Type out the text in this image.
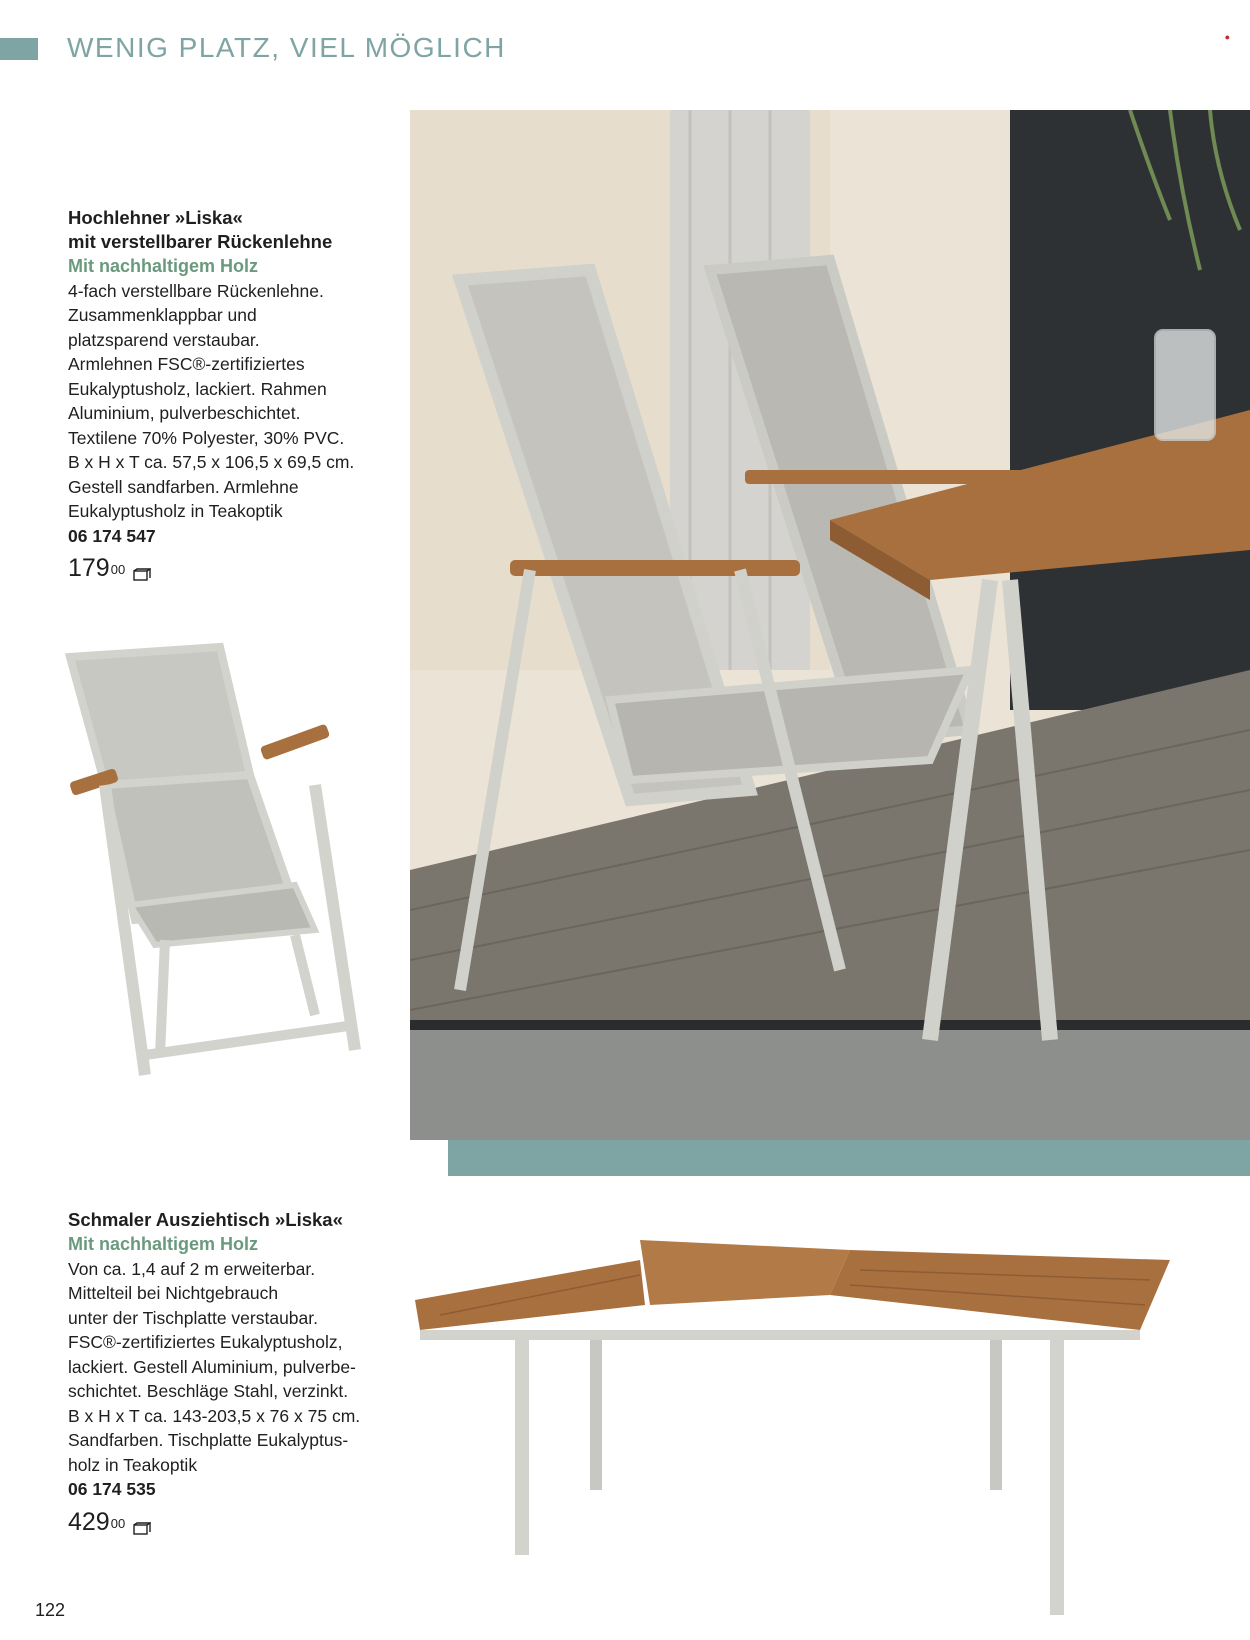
WENIG PLATZ, VIEL MÖGLICH	●
Hochlehner »Liska«
mit verstellbarer Rückenlehne
Mit nachhaltigem Holz
4-fach verstellbare Rückenlehne.
Zusammenklappbar und
platzsparend verstaubar.
Armlehnen FSC®-zertifiziertes
Eukalyptusholz, lackiert. Rahmen
Aluminium, pulverbeschichtet.
Textilene 70% Polyester, 30% PVC.
B x H x T ca. 57,5 x 106,5 x 69,5 cm.
Gestell sandfarben. Armlehne
Eukalyptusholz in Teakoptik
06 174 547
179 00
Schmaler Ausziehtisch »Liska«
Mit nachhaltigem Holz
Von ca. 1,4 auf 2 m erweiterbar.
Mittelteil bei Nichtgebrauch
unter der Tischplatte verstaubar.
FSC®-zertifiziertes Eukalyptusholz,
lackiert. Gestell Aluminium, pulverbe-
schichtet. Beschläge Stahl, verzinkt.
B x H x T ca. 143-203,5 x 76 x 75 cm.
Sandfarben. Tischplatte Eukalyptus-
holz in Teakoptik
06 174 535
429 00
122
